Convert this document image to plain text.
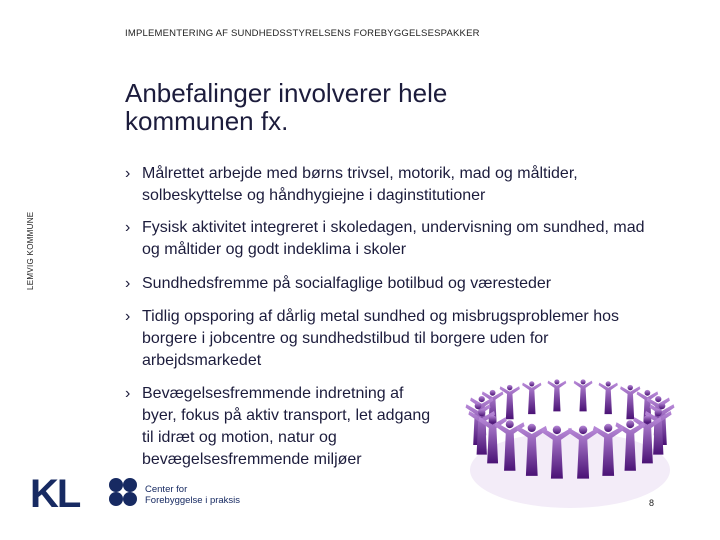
IMPLEMENTERING AF SUNDHEDSSTYRELSENS FOREBYGGELSESPAKKER
LEMVIG KOMMUNE
Anbefalinger involverer hele
kommunen fx.
› Målrettet arbejde med børns trivsel, motorik, mad og måltider, solbeskyttelse og håndhygiejne i daginstitutioner
› Fysisk aktivitet integreret i skoledagen, undervisning om sundhed, mad og måltider og godt indeklima i skoler
› Sundhedsfremme på socialfaglige botilbud og væresteder
› Tidlig opsporing af dårlig metal sundhed og misbrugsproblemer hos borgere i jobcentre og sundhedstilbud til borgere uden for arbejdsmarkedet
› Bevægelsesfremmende indretning af byer, fokus på aktiv transport, let adgang til idræt og motion, natur og bevægelsesfremmende miljøer
KL	Center for
Forebyggelse i praksis	8
